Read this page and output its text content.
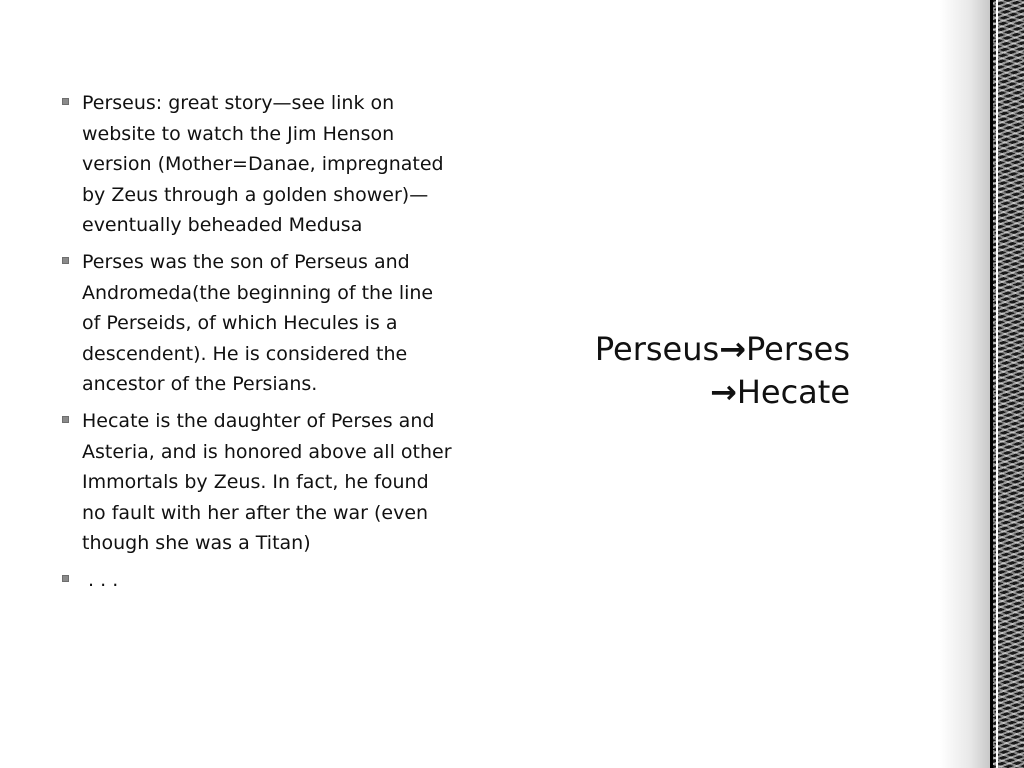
Perseus: great story—see link on website to watch the Jim Henson version (Mother=Danae, impregnated by Zeus through a golden shower)—eventually beheaded Medusa
Perses was the son of Perseus and Andromeda(the beginning of the line of Perseids, of which Hecules is a descendent). He is considered the ancestor of the Persians.
Hecate is the daughter of Perses and Asteria, and is honored above all other Immortals by Zeus. In fact, he found no fault with her after the war (even though she was a Titan)
. . .
Perseus→Perses
→Hecate
